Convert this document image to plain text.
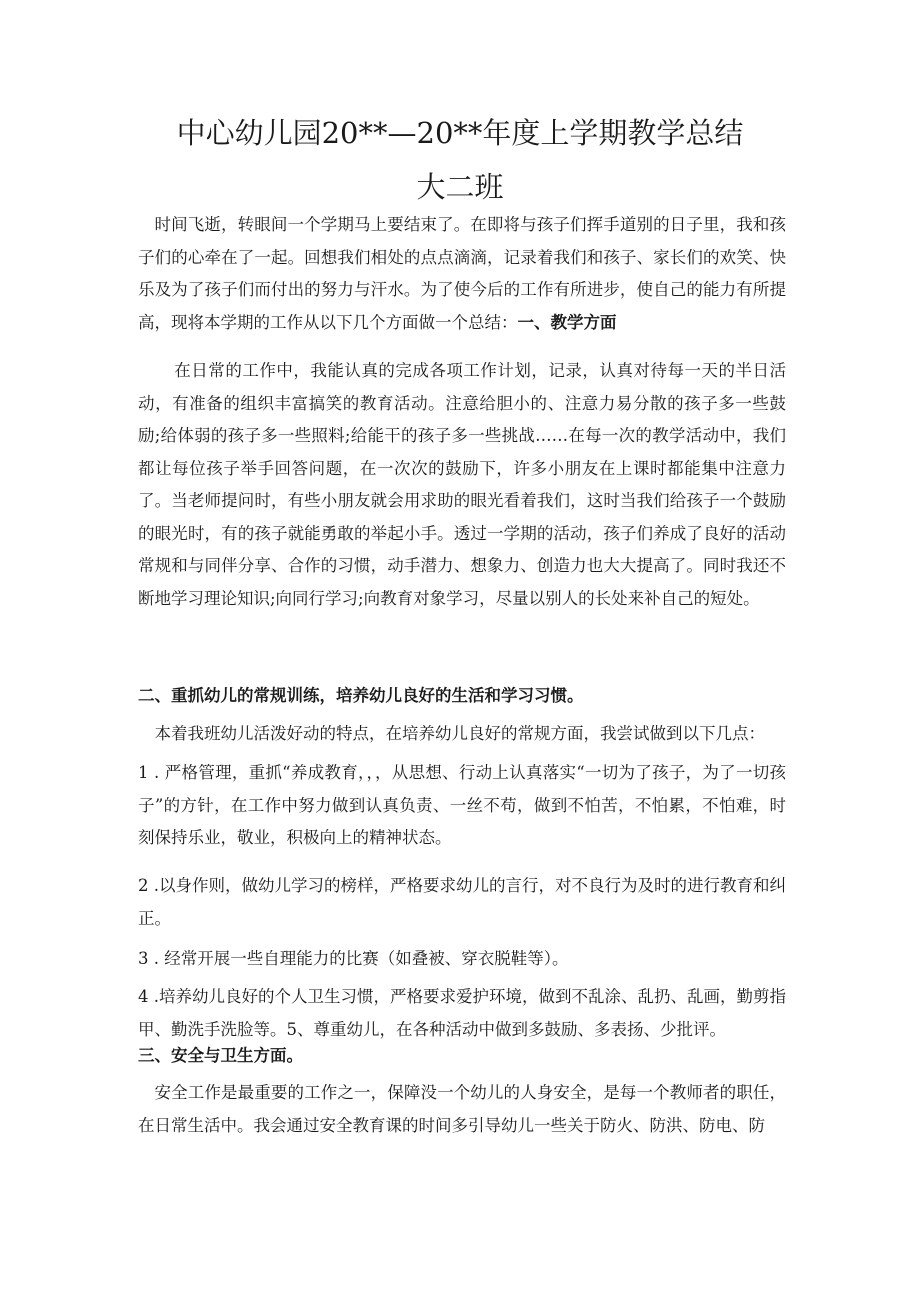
中心幼儿园20**—20**年度上学期教学总结
大二班

时间飞逝，转眼间一个学期马上要结束了。在即将与孩子们挥手道别的日子里，我和孩子们的心牵在了一起。回想我们相处的点点滴滴，记录着我们和孩子、家长们的欢笑、快乐及为了孩子们而付出的努力与汗水。为了使今后的工作有所进步，使自己的能力有所提高，现将本学期的工作从以下几个方面做一个总结：一、教学方面

在日常的工作中，我能认真的完成各项工作计划，记录，认真对待每一天的半日活动，有准备的组织丰富搞笑的教育活动。注意给胆小的、注意力易分散的孩子多一些鼓励;给体弱的孩子多一些照料;给能干的孩子多一些挑战……在每一次的教学活动中，我们都让每位孩子举手回答问题，在一次次的鼓励下，许多小朋友在上课时都能集中注意力了。当老师提问时，有些小朋友就会用求助的眼光看着我们，这时当我们给孩子一个鼓励的眼光时，有的孩子就能勇敢的举起小手。透过一学期的活动，孩子们养成了良好的活动常规和与同伴分享、合作的习惯，动手潜力、想象力、创造力也大大提高了。同时我还不断地学习理论知识;向同行学习;向教育对象学习，尽量以别人的长处来补自己的短处。

二、重抓幼儿的常规训练，培养幼儿良好的生活和学习习惯。

本着我班幼儿活泼好动的特点，在培养幼儿良好的常规方面，我尝试做到以下几点：

1 . 严格管理，重抓“养成教育，，，从思想、行动上认真落实“一切为了孩子，为了一切孩子”的方针，在工作中努力做到认真负责、一丝不苟，做到不怕苦，不怕累，不怕难，时刻保持乐业，敬业，积极向上的精神状态。

2 .以身作则，做幼儿学习的榜样，严格要求幼儿的言行，对不良行为及时的进行教育和纠正。

3 . 经常开展一些自理能力的比赛（如叠被、穿衣脱鞋等）。

4 .培养幼儿良好的个人卫生习惯，严格要求爱护环境，做到不乱涂、乱扔、乱画，勤剪指甲、勤洗手洗脸等。5、尊重幼儿，在各种活动中做到多鼓励、多表扬、少批评。

三、安全与卫生方面。

安全工作是最重要的工作之一，保障没一个幼儿的人身安全，是每一个教师者的职任，在日常生活中。我会通过安全教育课的时间多引导幼儿一些关于防火、防洪、防电、防
